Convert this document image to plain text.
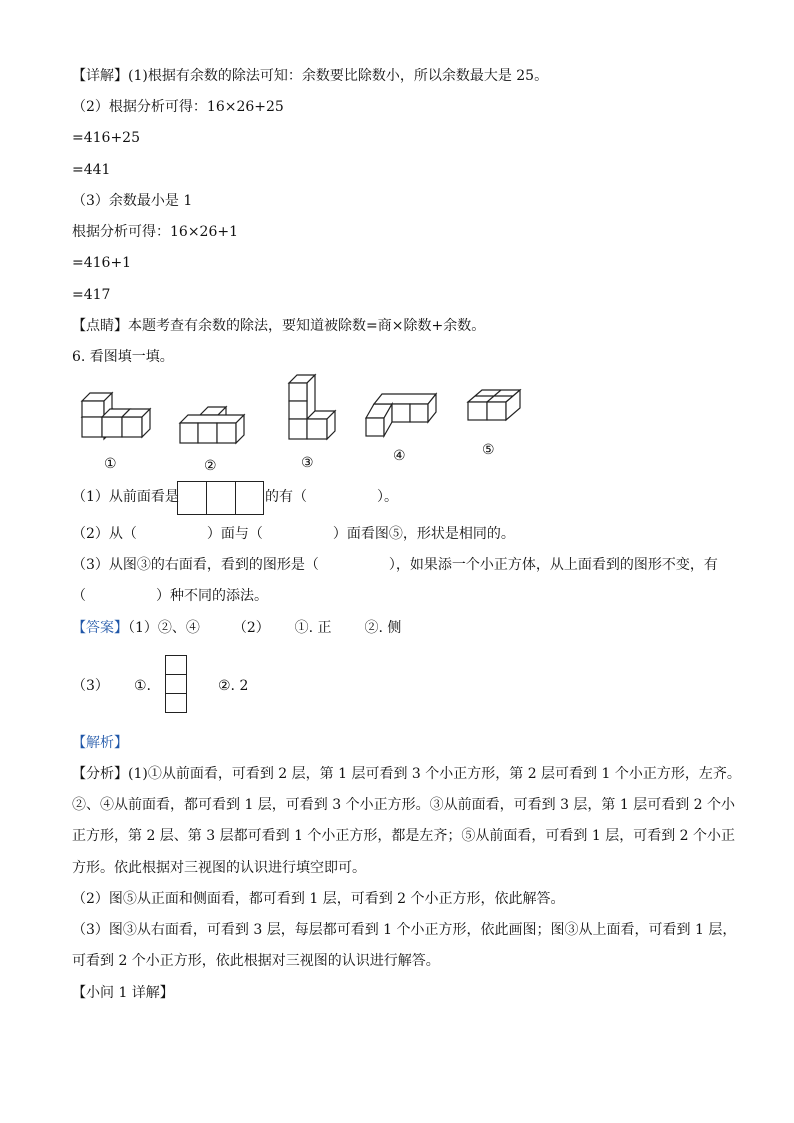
【详解】(1)根据有余数的除法可知：余数要比除数小，所以余数最大是 25。
（2）根据分析可得：16×26+25
=416+25
=441
（3）余数最小是 1
根据分析可得：16×26+1
=416+1
=417
【点睛】本题考查有余数的除法，要知道被除数=商×除数+余数。
6. 看图填一填。
①	②	③	④	⑤
（1）从前面看是	的有（　　　　　）。
（2）从（　　　　　）面与（　　　　　）面看图⑤，形状是相同的。
（3）从图③的右面看，看到的图形是（　　　　　），如果添一个小正方体，从上面看到的图形不变，有
（　　　　　）种不同的添法。
【答案】（1）②、④ （2） ①. 正 ②. 侧
（3） ①.	②. 2
【解析】
【分析】(1)①从前面看，可看到 2 层，第 1 层可看到 3 个小正方形，第 2 层可看到 1 个小正方形，左齐。
②、④从前面看，都可看到 1 层，可看到 3 个小正方形。③从前面看，可看到 3 层，第 1 层可看到 2 个小
正方形，第 2 层、第 3 层都可看到 1 个小正方形，都是左齐；⑤从前面看，可看到 1 层，可看到 2 个小正
方形。依此根据对三视图的认识进行填空即可。
（2）图⑤从正面和侧面看，都可看到 1 层，可看到 2 个小正方形，依此解答。
（3）图③从右面看，可看到 3 层，每层都可看到 1 个小正方形，依此画图；图③从上面看，可看到 1 层，
可看到 2 个小正方形，依此根据对三视图的认识进行解答。
【小问 1 详解】
